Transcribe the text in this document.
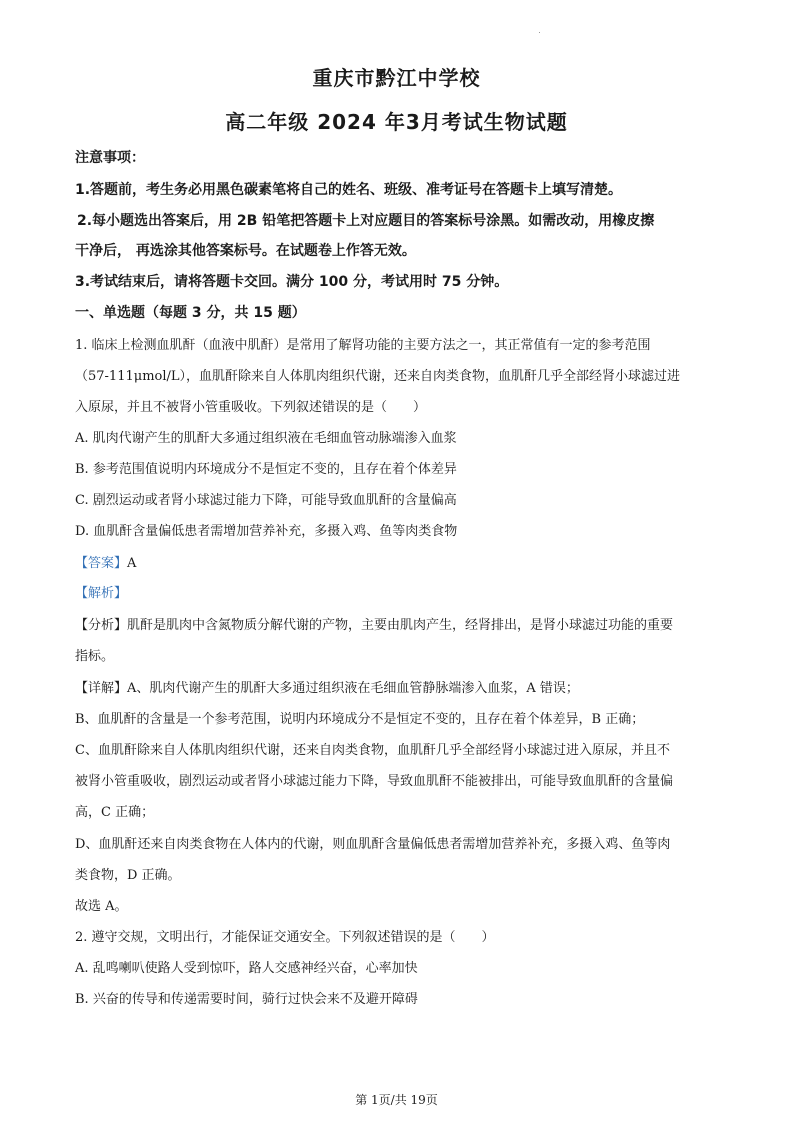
重庆市黔江中学校
高二年级 2024 年3月考试生物试题
注意事项：
1.答题前，考生务必用黑色碳素笔将自己的姓名、班级、准考证号在答题卡上填写清楚。
2.每小题选出答案后，用 2B 铅笔把答题卡上对应题目的答案标号涂黑。如需改动，用橡皮擦
干净后， 再选涂其他答案标号。在试题卷上作答无效。
3.考试结束后，请将答题卡交回。满分 100 分，考试用时 75 分钟。
一、单选题（每题 3 分，共 15 题）
1. 临床上检测血肌酐（血液中肌酐）是常用了解肾功能的主要方法之一，其正常值有一定的参考范围
（57-111μmol/L），血肌酐除来自人体肌肉组织代谢，还来自肉类食物，血肌酐几乎全部经肾小球滤过进
入原尿，并且不被肾小管重吸收。下列叙述错误的是（　　）
A. 肌肉代谢产生的肌酐大多通过组织液在毛细血管动脉端渗入血浆
B. 参考范围值说明内环境成分不是恒定不变的，且存在着个体差异
C. 剧烈运动或者肾小球滤过能力下降，可能导致血肌酐的含量偏高
D. 血肌酐含量偏低患者需增加营养补充，多摄入鸡、鱼等肉类食物
【答案】A
【解析】
【分析】肌酐是肌肉中含氮物质分解代谢的产物，主要由肌肉产生，经肾排出，是肾小球滤过功能的重要
指标。
【详解】A、肌肉代谢产生的肌酐大多通过组织液在毛细血管静脉端渗入血浆，A 错误；
B、血肌酐的含量是一个参考范围，说明内环境成分不是恒定不变的，且存在着个体差异，B 正确；
C、血肌酐除来自人体肌肉组织代谢，还来自肉类食物，血肌酐几乎全部经肾小球滤过进入原尿，并且不
被肾小管重吸收，剧烈运动或者肾小球滤过能力下降，导致血肌酐不能被排出，可能导致血肌酐的含量偏
高，C 正确；
D、血肌酐还来自肉类食物在人体内的代谢，则血肌酐含量偏低患者需增加营养补充，多摄入鸡、鱼等肉
类食物，D 正确。
故选 A。
2. 遵守交规，文明出行，才能保证交通安全。下列叙述错误的是（　　）
A. 乱鸣喇叭使路人受到惊吓，路人交感神经兴奋，心率加快
B. 兴奋的传导和传递需要时间，骑行过快会来不及避开障碍
第 1页/共 19页
